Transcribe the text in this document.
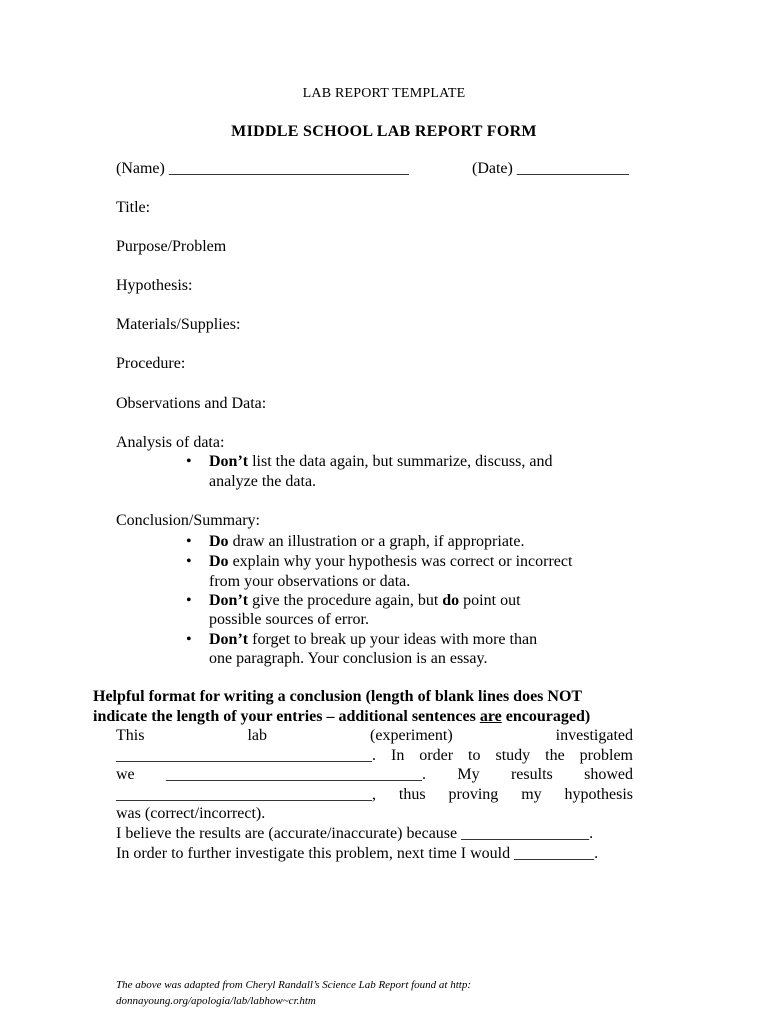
LAB REPORT TEMPLATE
MIDDLE SCHOOL LAB REPORT FORM
(Name) ______________________________	(Date) ______________
Title:
Purpose/Problem
Hypothesis:
Materials/Supplies:
Procedure:
Observations and Data:
Analysis of data:
• Don’t list the data again, but summarize, discuss, and
analyze the data.
Conclusion/Summary:
• Do draw an illustration or a graph, if appropriate.
• Do explain why your hypothesis was correct or incorrect
from your observations or data.
• Don’t give the procedure again, but do point out
possible sources of error.
• Don’t forget to break up your ideas with more than
one paragraph. Your conclusion is an essay.
Helpful format for writing a conclusion (length of blank lines does NOT
indicate the length of your entries – additional sentences are encouraged)
This lab (experiment) investigated
________________________________. In order to study the problem
we ________________________________. My results showed
________________________________, thus proving my hypothesis
was (correct/incorrect).
I believe the results are (accurate/inaccurate) because ________________.
In order to further investigate this problem, next time I would __________.
The above was adapted from Cheryl Randall’s Science Lab Report found at http:
donnayoung.org/apologia/lab/labhow~cr.htm
